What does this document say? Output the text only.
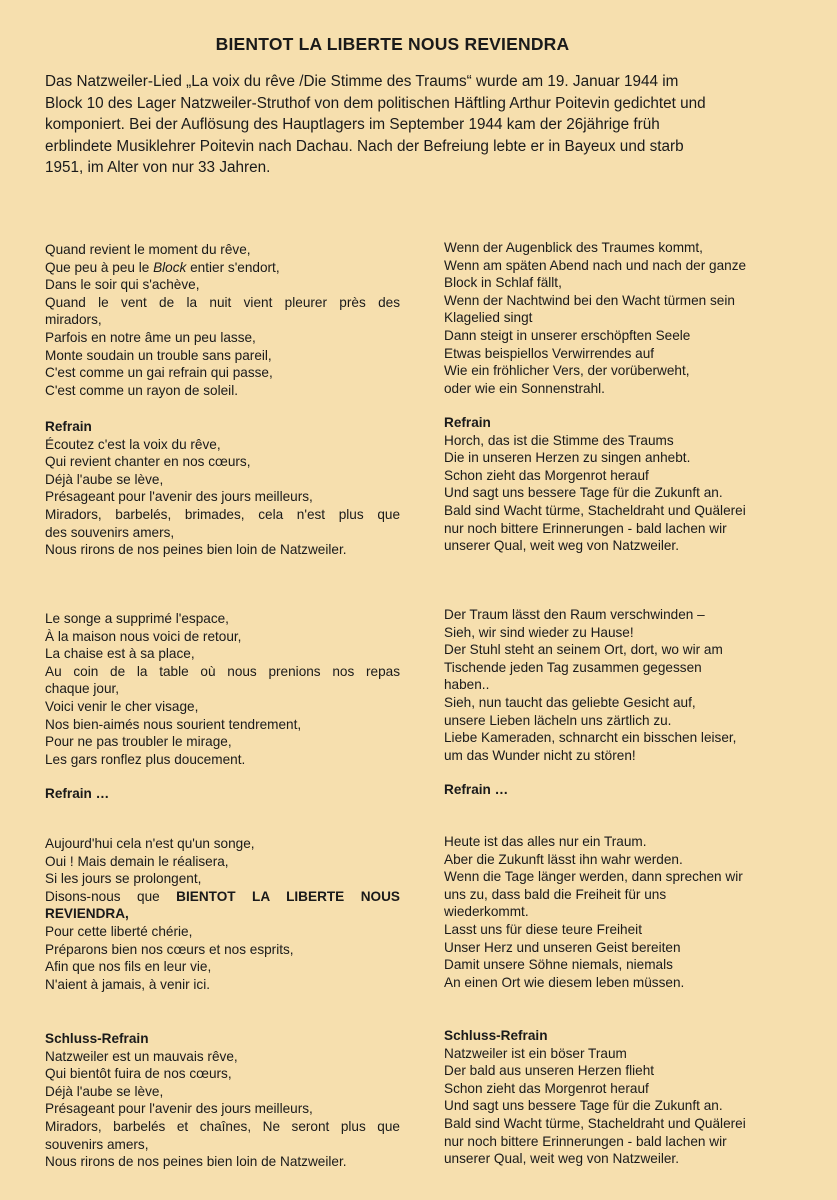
BIENTOT LA LIBERTE NOUS REVIENDRA
Das Natzweiler-Lied „La voix du rêve /Die Stimme des Traums“ wurde am 19. Januar 1944 im
Block 10 des Lager Natzweiler-Struthof von dem politischen Häftling Arthur Poitevin gedichtet und
komponiert. Bei der Auflösung des Hauptlagers im September 1944 kam der 26jährige früh
erblindete Musiklehrer Poitevin nach Dachau. Nach der Befreiung lebte er in Bayeux und starb
1951, im Alter von nur 33 Jahren.
Quand revient le moment du rêve,
Que peu à peu le Block entier s'endort,
Dans le soir qui s'achève,
Quand le vent de la nuit vient pleurer près des
miradors,
Parfois en notre âme un peu lasse,
Monte soudain un trouble sans pareil,
C'est comme un gai refrain qui passe,
C'est comme un rayon de soleil.
Refrain
Écoutez c'est la voix du rêve,
Qui revient chanter en nos cœurs,
Déjà l'aube se lève,
Présageant pour l'avenir des jours meilleurs,
Miradors, barbelés, brimades, cela n'est plus que
des souvenirs amers,
Nous rirons de nos peines bien loin de Natzweiler.
Le songe a supprimé l'espace,
À la maison nous voici de retour,
La chaise est à sa place,
Au coin de la table où nous prenions nos repas
chaque jour,
Voici venir le cher visage,
Nos bien-aimés nous sourient tendrement,
Pour ne pas troubler le mirage,
Les gars ronflez plus doucement.
Refrain …
Aujourd'hui cela n'est qu'un songe,
Oui ! Mais demain le réalisera,
Si les jours se prolongent,
Disons-nous que BIENTOT LA LIBERTE NOUS
REVIENDRA,
Pour cette liberté chérie,
Préparons bien nos cœurs et nos esprits,
Afin que nos fils en leur vie,
N'aient à jamais, à venir ici.
Schluss-Refrain
Natzweiler est un mauvais rêve,
Qui bientôt fuira de nos cœurs,
Déjà l'aube se lève,
Présageant pour l'avenir des jours meilleurs,
Miradors, barbelés et chaînes, Ne seront plus que
souvenirs amers,
Nous rirons de nos peines bien loin de Natzweiler.
Wenn der Augenblick des Traumes kommt,
Wenn am späten Abend nach und nach der ganze
Block in Schlaf fällt,
Wenn der Nachtwind bei den Wacht türmen sein
Klagelied singt
Dann steigt in unserer erschöpften Seele
Etwas beispiellos Verwirrendes auf
Wie ein fröhlicher Vers, der vorüberweht,
oder wie ein Sonnenstrahl.
Refrain
Horch, das ist die Stimme des Traums
Die in unseren Herzen zu singen anhebt.
Schon zieht das Morgenrot herauf
Und sagt uns bessere Tage für die Zukunft an.
Bald sind Wacht türme, Stacheldraht und Quälerei
nur noch bittere Erinnerungen - bald lachen wir
unserer Qual, weit weg von Natzweiler.
Der Traum lässt den Raum verschwinden –
Sieh, wir sind wieder zu Hause!
Der Stuhl steht an seinem Ort, dort, wo wir am
Tischende jeden Tag zusammen gegessen
haben..
Sieh, nun taucht das geliebte Gesicht auf,
unsere Lieben lächeln uns zärtlich zu.
Liebe Kameraden, schnarcht ein bisschen leiser,
um das Wunder nicht zu stören!
Refrain …
Heute ist das alles nur ein Traum.
Aber die Zukunft lässt ihn wahr werden.
Wenn die Tage länger werden, dann sprechen wir
uns zu, dass bald die Freiheit für uns
wiederkommt.
Lasst uns für diese teure Freiheit
Unser Herz und unseren Geist bereiten
Damit unsere Söhne niemals, niemals
An einen Ort wie diesem leben müssen.
Schluss-Refrain
Natzweiler ist ein böser Traum
Der bald aus unseren Herzen flieht
Schon zieht das Morgenrot herauf
Und sagt uns bessere Tage für die Zukunft an.
Bald sind Wacht türme, Stacheldraht und Quälerei
nur noch bittere Erinnerungen - bald lachen wir
unserer Qual, weit weg von Natzweiler.
